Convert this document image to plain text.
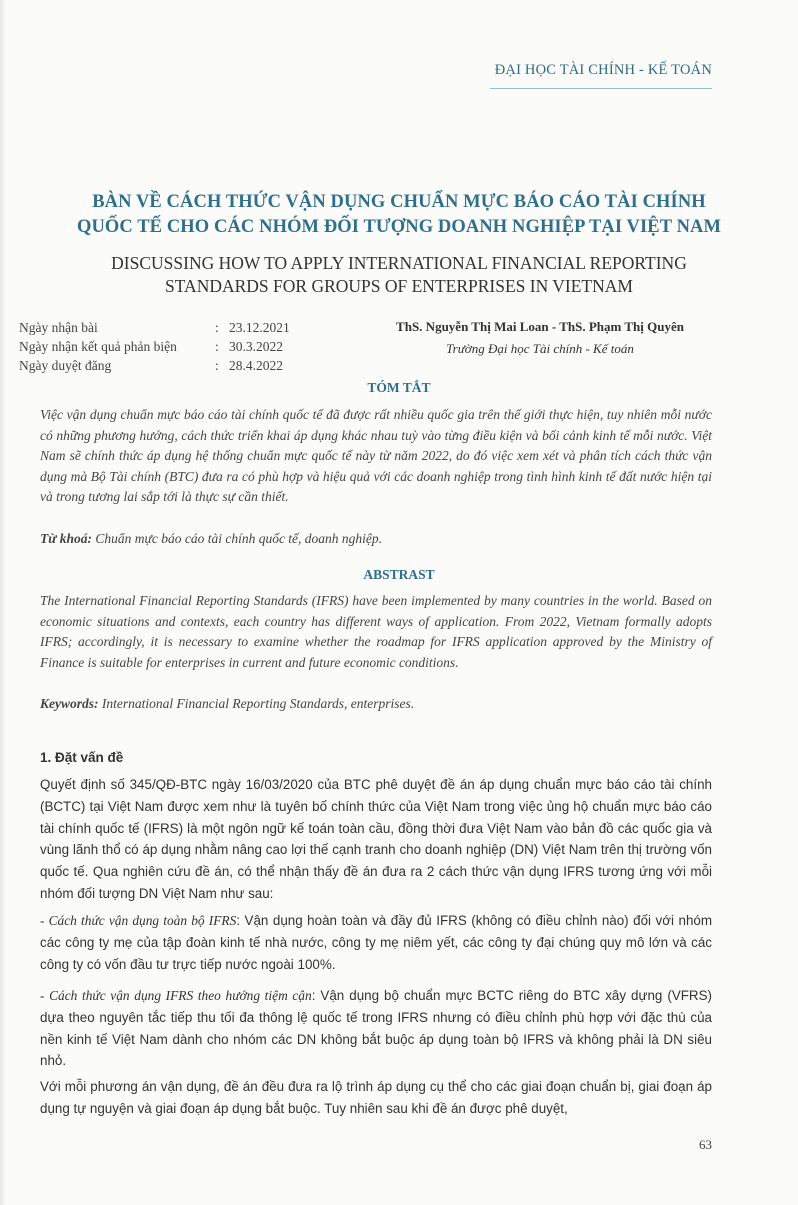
ĐẠI HỌC TÀI CHÍNH - KẾ TOÁN
BÀN VỀ CÁCH THỨC VẬN DỤNG CHUẨN MỰC BÁO CÁO TÀI CHÍNH
QUỐC TẾ CHO CÁC NHÓM ĐỐI TƯỢNG DOANH NGHIỆP TẠI VIỆT NAM
DISCUSSING HOW TO APPLY INTERNATIONAL FINANCIAL REPORTING
STANDARDS FOR GROUPS OF ENTERPRISES IN VIETNAM
Ngày nhận bài	: 23.12.2021
Ngày nhận kết quả phản biện	: 30.3.2022
Ngày duyệt đăng	: 28.4.2022
ThS. Nguyễn Thị Mai Loan - ThS. Phạm Thị Quyên
Trường Đại học Tài chính - Kế toán
TÓM TẮT
Việc vận dụng chuẩn mực báo cáo tài chính quốc tế đã được rất nhiều quốc gia trên thế giới thực hiện, tuy nhiên mỗi nước có những phương hướng, cách thức triển khai áp dụng khác nhau tuỳ vào từng điều kiện và bối cảnh kinh tế mỗi nước. Việt Nam sẽ chính thức áp dụng hệ thống chuẩn mực quốc tế này từ năm 2022, do đó việc xem xét và phân tích cách thức vận dụng mà Bộ Tài chính (BTC) đưa ra có phù hợp và hiệu quả với các doanh nghiệp trong tình hình kinh tế đất nước hiện tại và trong tương lai sắp tới là thực sự cần thiết.
Từ khoá: Chuẩn mực báo cáo tài chính quốc tế, doanh nghiệp.
ABSTRAST
The International Financial Reporting Standards (IFRS) have been implemented by many countries in the world. Based on economic situations and contexts, each country has different ways of application. From 2022, Vietnam formally adopts IFRS; accordingly, it is necessary to examine whether the roadmap for IFRS application approved by the Ministry of Finance is suitable for enterprises in current and future economic conditions.
Keywords: International Financial Reporting Standards, enterprises.
1. Đặt vấn đề
Quyết định số 345/QĐ-BTC ngày 16/03/2020 của BTC phê duyệt đề án áp dụng chuẩn mực báo cáo tài chính (BCTC) tại Việt Nam được xem như là tuyên bố chính thức của Việt Nam trong việc ủng hộ chuẩn mực báo cáo tài chính quốc tế (IFRS) là một ngôn ngữ kế toán toàn cầu, đồng thời đưa Việt Nam vào bản đồ các quốc gia và vùng lãnh thổ có áp dụng nhằm nâng cao lợi thế cạnh tranh cho doanh nghiệp (DN) Việt Nam trên thị trường vốn quốc tế. Qua nghiên cứu đề án, có thể nhận thấy đề án đưa ra 2 cách thức vận dụng IFRS tương ứng với mỗi nhóm đối tượng DN Việt Nam như sau:
- Cách thức vận dụng toàn bộ IFRS: Vận dụng hoàn toàn và đầy đủ IFRS (không có điều chỉnh nào) đối với nhóm các công ty mẹ của tập đoàn kinh tế nhà nước, công ty mẹ niêm yết, các công ty đại chúng quy mô lớn và các công ty có vốn đầu tư trực tiếp nước ngoài 100%.
- Cách thức vận dụng IFRS theo hướng tiệm cận: Vận dụng bộ chuẩn mực BCTC riêng do BTC xây dựng (VFRS) dựa theo nguyên tắc tiếp thu tối đa thông lệ quốc tế trong IFRS nhưng có điều chỉnh phù hợp với đặc thù của nền kinh tế Việt Nam dành cho nhóm các DN không bắt buộc áp dụng toàn bộ IFRS và không phải là DN siêu nhỏ.
Với mỗi phương án vận dụng, đề án đều đưa ra lộ trình áp dụng cụ thể cho các giai đoạn chuẩn bị, giai đoạn áp dụng tự nguyện và giai đoạn áp dụng bắt buộc. Tuy nhiên sau khi đề án được phê duyệt,
63
